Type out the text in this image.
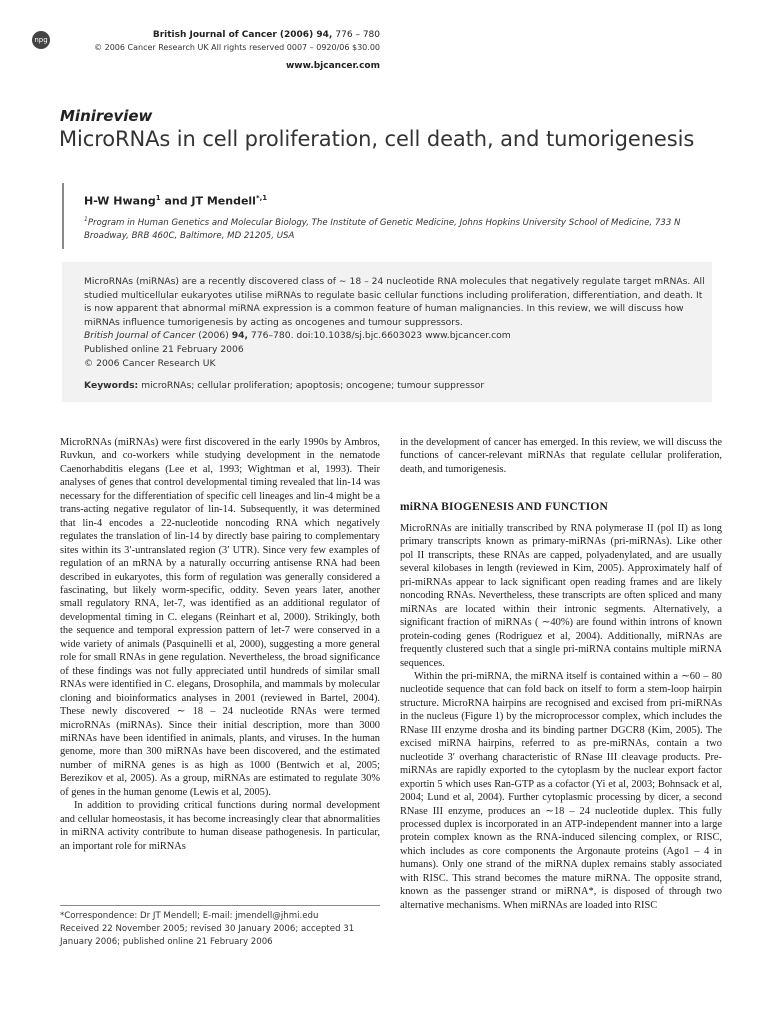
npg	British Journal of Cancer (2006) 94, 776 – 780
© 2006 Cancer Research UK All rights reserved 0007 – 0920/06 $30.00
www.bjcancer.com
Minireview
MicroRNAs in cell proliferation, cell death, and tumorigenesis
H-W Hwang$^1$ and JT Mendell$^{*,1}$
$^1$Program in Human Genetics and Molecular Biology, The Institute of Genetic Medicine, Johns Hopkins University School of Medicine, 733 N Broadway, BRB 460C, Baltimore, MD 21205, USA

MicroRNAs (miRNAs) are a recently discovered class of ∼ 18 – 24 nucleotide RNA molecules that negatively regulate target mRNAs. All studied multicellular eukaryotes utilise miRNAs to regulate basic cellular functions including proliferation, differentiation, and death. It is now apparent that abnormal miRNA expression is a common feature of human malignancies. In this review, we will discuss how miRNAs influence tumorigenesis by acting as oncogenes and tumour suppressors.

British Journal of Cancer (2006) 94, 776–780. doi:10.1038/sj.bjc.6603023 www.bjcancer.com

Published online 21 February 2006

© 2006 Cancer Research UK

Keywords: microRNAs; cellular proliferation; apoptosis; oncogene; tumour suppressor

MicroRNAs (miRNAs) were first discovered in the early 1990s by Ambros, Ruvkun, and co-workers while studying development in the nematode Caenorhabditis elegans (Lee et al, 1993; Wightman et al, 1993). Their analyses of genes that control developmental timing revealed that lin-14 was necessary for the differentiation of specific cell lineages and lin-4 might be a trans-acting negative regulator of lin-14. Subsequently, it was determined that lin-4 encodes a 22-nucleotide noncoding RNA which negatively regulates the translation of lin-14 by directly base pairing to complementary sites within its 3′-untranslated region (3′ UTR). Since very few examples of regulation of an mRNA by a naturally occurring antisense RNA had been described in eukaryotes, this form of regulation was generally considered a fascinating, but likely worm-specific, oddity. Seven years later, another small regulatory RNA, let-7, was identified as an additional regulator of developmental timing in C. elegans (Reinhart et al, 2000). Strikingly, both the sequence and temporal expression pattern of let-7 were conserved in a wide variety of animals (Pasquinelli et al, 2000), suggesting a more general role for small RNAs in gene regulation. Nevertheless, the broad significance of these findings was not fully appreciated until hundreds of similar small RNAs were identified in C. elegans, Drosophila, and mammals by molecular cloning and bioinformatics analyses in 2001 (reviewed in Bartel, 2004). These newly discovered ∼ 18 – 24 nucleotide RNAs were termed microRNAs (miRNAs). Since their initial description, more than 3000 miRNAs have been identified in animals, plants, and viruses. In the human genome, more than 300 miRNAs have been discovered, and the estimated number of miRNA genes is as high as 1000 (Bentwich et al, 2005; Berezikov et al, 2005). As a group, miRNAs are estimated to regulate 30% of genes in the human genome (Lewis et al, 2005).

In addition to providing critical functions during normal development and cellular homeostasis, it has become increasingly clear that abnormalities in miRNA activity contribute to human disease pathogenesis. In particular, an important role for miRNAs

in the development of cancer has emerged. In this review, we will discuss the functions of cancer-relevant miRNAs that regulate cellular proliferation, death, and tumorigenesis.

miRNA BIOGENESIS AND FUNCTION

MicroRNAs are initially transcribed by RNA polymerase II (pol II) as long primary transcripts known as primary-miRNAs (pri-miRNAs). Like other pol II transcripts, these RNAs are capped, polyadenylated, and are usually several kilobases in length (reviewed in Kim, 2005). Approximately half of pri-miRNAs appear to lack significant open reading frames and are likely noncoding RNAs. Nevertheless, these transcripts are often spliced and many miRNAs are located within their intronic segments. Alternatively, a significant fraction of miRNAs ( ∼40%) are found within introns of known protein-coding genes (Rodriguez et al, 2004). Additionally, miRNAs are frequently clustered such that a single pri-miRNA contains multiple miRNA sequences.

Within the pri-miRNA, the miRNA itself is contained within a ∼60 – 80 nucleotide sequence that can fold back on itself to form a stem-loop hairpin structure. MicroRNA hairpins are recognised and excised from pri-miRNAs in the nucleus (Figure 1) by the microprocessor complex, which includes the RNase III enzyme drosha and its binding partner DGCR8 (Kim, 2005). The excised miRNA hairpins, referred to as pre-miRNAs, contain a two nucleotide 3′ overhang characteristic of RNase III cleavage products. Pre-miRNAs are rapidly exported to the cytoplasm by the nuclear export factor exportin 5 which uses Ran-GTP as a cofactor (Yi et al, 2003; Bohnsack et al, 2004; Lund et al, 2004). Further cytoplasmic processing by dicer, a second RNase III enzyme, produces an ∼18 – 24 nucleotide duplex. This fully processed duplex is incorporated in an ATP-independent manner into a large protein complex known as the RNA-induced silencing complex, or RISC, which includes as core components the Argonaute proteins (Ago1 – 4 in humans). Only one strand of the miRNA duplex remains stably associated with RISC. This strand becomes the mature miRNA. The opposite strand, known as the passenger strand or miRNA*, is disposed of through two alternative mechanisms. When miRNAs are loaded into RISC

*Correspondence: Dr JT Mendell; E-mail: jmendell@jhmi.edu
Received 22 November 2005; revised 30 January 2006; accepted 31 January 2006; published online 21 February 2006
